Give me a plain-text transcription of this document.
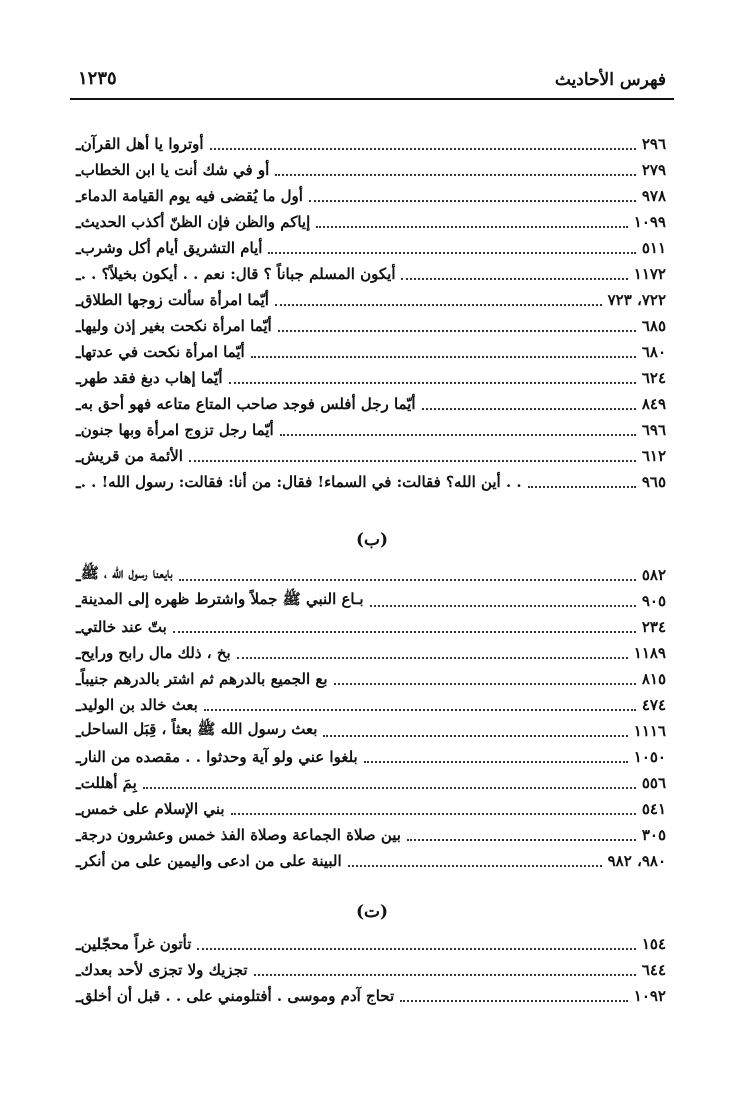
فهرس الأحاديث
١٢٣٥
ـ أوتروا يا أهل القرآن	٢٩٦
ـ أو في شك أنت يا ابن الخطاب	٢٧٩
ـ أول ما يُقضى فيه يوم القيامة الدماء	٩٧٨
ـ إياكم والظن فإن الظنّ أكذب الحديث	١٠٩٩
ـ أيام التشريق أيام أكل وشرب	٥١١
ـ أيكون المسلم جباناً ؟ قال: نعم . . أيكون بخيلاً؟ . .	١١٧٢
ـ أيّما امرأة سألت زوجها الطلاق	٧٢٢، ٧٢٣
ـ أيّما امرأة نكحت بغير إذن وليها	٦٨٥
ـ أيّما امرأة نكحت في عدتها	٦٨٠
ـ أيّما إهاب دبغ فقد طهر	٦٢٤
ـ أيّما رجل أفلس فوجد صاحب المتاع متاعه فهو أحق به	٨٤٩
ـ أيّما رجل تزوج امرأة وبها جنون	٦٩٦
ـ الأئمة من قريش	٦١٢
ـ . . أين الله؟ فقالت: في السماء! فقال: من أنا: فقالت: رسول الله! . .	٩٦٥
(ب)
ـ بايعنا رسول الله ، ﷺ	٥٨٢
ـ بـاع النبي ﷺ جملاً واشترط ظهره إلى المدينة	٩٠٥
ـ بتّ عند خالتي	٢٣٤
ـ بخ ، ذلك مال رابح ورايح	١١٨٩
ـ بع الجميع بالدرهم ثم اشتر بالدرهم جنيباً	٨١٥
ـ بعث خالد بن الوليد	٤٧٤
ـ بعث رسول الله ﷺ بعثاً ، قِبَل الساحل	١١١٦
ـ بلغوا عني ولو آية وحدثوا . . مقصده من النار	١٠٥٠
ـ بِمَ أهللت	٥٥٦
ـ بني الإسلام على خمس	٥٤١
ـ بين صلاة الجماعة وصلاة الفذ خمس وعشرون درجة	٣٠٥
ـ البينة على من ادعى واليمين على من أنكر	٩٨٠، ٩٨٢
(ت)
ـ تأتون غراً محجّلين	١٥٤
ـ تجزيك ولا تجزى لأحد بعدك	٦٤٤
ـ تحاج آدم وموسى . أفتلومني على . . قبل أن أخلق	١٠٩٢
